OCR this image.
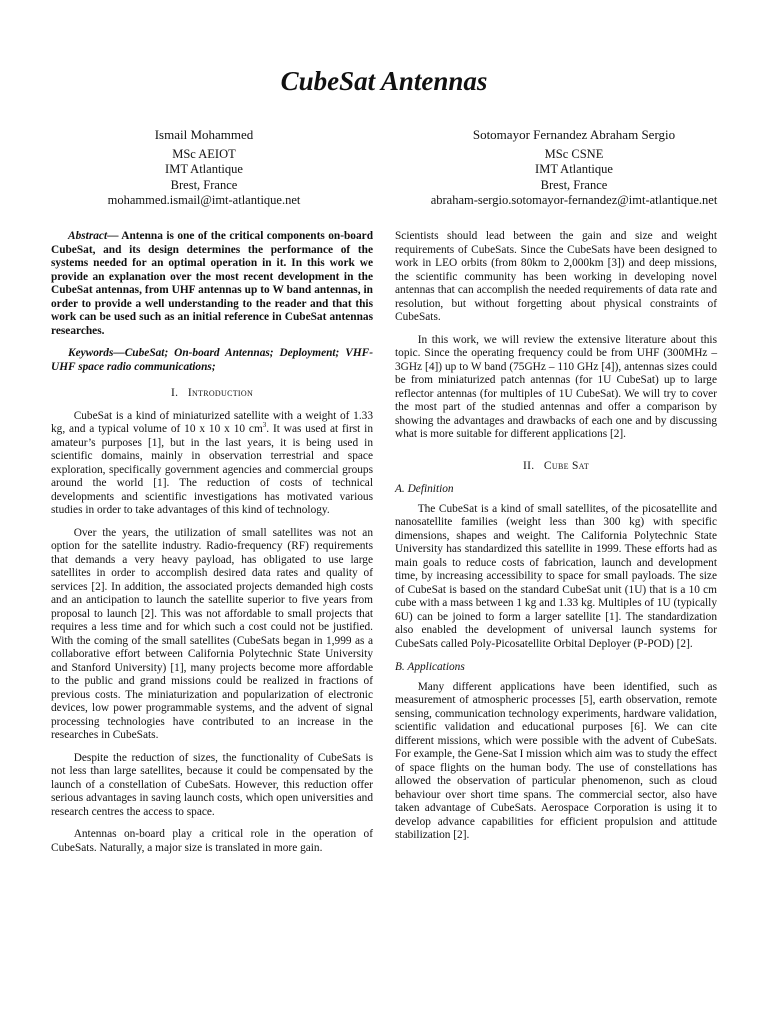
CubeSat Antennas
Ismail Mohammed
MSc AEIOT
IMT Atlantique
Brest, France
mohammed.ismail@imt-atlantique.net
Sotomayor Fernandez Abraham Sergio
MSc CSNE
IMT Atlantique
Brest, France
abraham-sergio.sotomayor-fernandez@imt-atlantique.net

Abstract— Antenna is one of the critical components on-board CubeSat, and its design determines the performance of the systems needed for an optimal operation in it. In this work we provide an explanation over the most recent development in the CubeSat antennas, from UHF antennas up to W band antennas, in order to provide a well understanding to the reader and that this work can be used such as an initial reference in CubeSat antennas researches.

Keywords—CubeSat; On-board Antennas; Deployment; VHF-UHF space radio communications;

I. Introduction

CubeSat is a kind of miniaturized satellite with a weight of 1.33 kg, and a typical volume of 10 x 10 x 10 $cm^3$. It was used at first in amateur’s purposes [1], but in the last years, it is being used in scientific domains, mainly in observation terrestrial and space exploration, specifically government agencies and commercial groups around the world [1]. The reduction of costs of technical developments and scientific investigations has motivated various studies in order to take advantages of this kind of technology.

Over the years, the utilization of small satellites was not an option for the satellite industry. Radio-frequency (RF) requirements that demands a very heavy payload, has obligated to use large satellites in order to accomplish desired data rates and quality of services [2]. In addition, the associated projects demanded high costs and an anticipation to launch the satellite superior to five years from proposal to launch [2]. This was not affordable to small projects that requires a less time and for which such a cost could not be justified. With the coming of the small satellites (CubeSats began in 1,999 as a collaborative effort between California Polytechnic State University and Stanford University) [1], many projects become more affordable to the public and grand missions could be realized in fractions of previous costs. The miniaturization and popularization of electronic devices, low power programmable systems, and the advent of signal processing technologies have contributed to an increase in the researches in CubeSats.

Despite the reduction of sizes, the functionality of CubeSats is not less than large satellites, because it could be compensated by the launch of a constellation of CubeSats. However, this reduction offer serious advantages in saving launch costs, which open universities and research centres the access to space.

Antennas on-board play a critical role in the operation of CubeSats. Naturally, a major size is translated in more gain.

Scientists should lead between the gain and size and weight requirements of CubeSats. Since the CubeSats have been designed to work in LEO orbits (from 80km to 2,000km [3]) and deep missions, the scientific community has been working in developing novel antennas that can accomplish the needed requirements of data rate and resolution, but without forgetting about physical constraints of CubeSats.

In this work, we will review the extensive literature about this topic. Since the operating frequency could be from UHF (300MHz – 3GHz [4]) up to W band (75GHz – 110 GHz [4]), antennas sizes could be from miniaturized patch antennas (for 1U CubeSat) up to large reflector antennas (for multiples of 1U CubeSat). We will try to cover the most part of the studied antennas and offer a comparison by showing the advantages and drawbacks of each one and by discussing what is more suitable for different applications [2].

II. Cube Sat
A. Definition

The CubeSat is a kind of small satellites, of the picosatellite and nanosatellite families (weight less than 300 kg) with specific dimensions, shapes and weight. The California Polytechnic State University has standardized this satellite in 1999. These efforts had as main goals to reduce costs of fabrication, launch and development time, by increasing accessibility to space for small payloads. The size of CubeSat is based on the standard CubeSat unit (1U) that is a 10 cm cube with a mass between 1 kg and 1.33 kg. Multiples of 1U (typically 6U) can be joined to form a larger satellite [1]. The standardization also enabled the development of universal launch systems for CubeSats called Poly-Picosatellite Orbital Deployer (P-POD) [2].

B. Applications

Many different applications have been identified, such as measurement of atmospheric processes [5], earth observation, remote sensing, communication technology experiments, hardware validation, scientific validation and educational purposes [6]. We can cite different missions, which were possible with the advent of CubeSats. For example, the Gene-Sat I mission which aim was to study the effect of space flights on the human body. The use of constellations has allowed the observation of particular phenomenon, such as cloud behaviour over short time spans. The commercial sector, also have taken advantage of CubeSats. Aerospace Corporation is using it to develop advance capabilities for efficient propulsion and attitude stabilization [2].
